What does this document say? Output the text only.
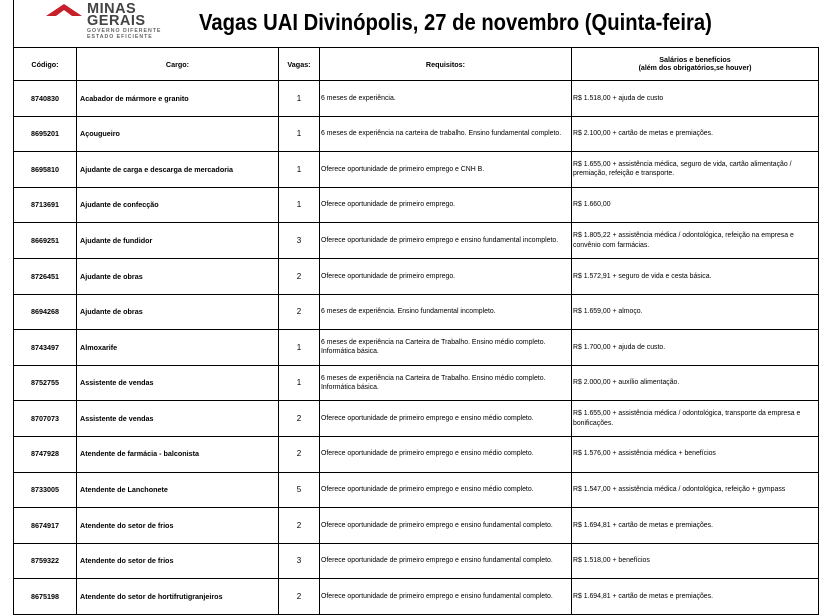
MINAS GERAIS
GOVERNO DIFERENTE
ESTADO EFICIENTE
Vagas UAI Divinópolis, 27 de novembro (Quinta-feira)
Código:	Cargo:	Vagas:	Requisitos:	Salários e benefícios
(além dos obrigatórios,se houver)

8740830	Acabador de mármore e granito	1	6 meses de experiência.	R$ 1.518,00 + ajuda de custo
8695201	Açougueiro	1	6 meses de experiência na carteira de trabalho. Ensino fundamental completo.	R$ 2.100,00 + cartão de metas e premiações.
8695810	Ajudante de carga e descarga de mercadoria	1	Oferece oportunidade de primeiro emprego e CNH B.	R$ 1.655,00 + assistência médica, seguro de vida, cartão alimentação / premiação, refeição e transporte.
8713691	Ajudante de confecção	1	Oferece oportunidade de primeiro emprego.	R$ 1.660,00
8669251	Ajudante de fundidor	3	Oferece oportunidade de primeiro emprego e ensino fundamental incompleto.	R$ 1.805,22 + assistência médica / odontológica, refeição na empresa e convênio com farmácias.
8726451	Ajudante de obras	2	Oferece oportunidade de primeiro emprego.	R$ 1.572,91 + seguro de vida e cesta básica.
8694268	Ajudante de obras	2	6 meses de experiência. Ensino fundamental incompleto.	R$ 1.659,00 + almoço.
8743497	Almoxarife	1	6 meses de experiência na Carteira de Trabalho. Ensino médio completo. Informática básica.	R$ 1.700,00 + ajuda de custo.
8752755	Assistente de vendas	1	6 meses de experiência na Carteira de Trabalho. Ensino médio completo. Informática básica.	R$ 2.000,00 + auxílio alimentação.
8707073	Assistente de vendas	2	Oferece oportunidade de primeiro emprego e ensino médio completo.	R$ 1.655,00 + assistência médica / odontológica, transporte da empresa e bonificações.
8747928	Atendente de farmácia - balconista	2	Oferece oportunidade de primeiro emprego e ensino médio completo.	R$ 1.576,00 + assistência médica + benefícios
8733005	Atendente de Lanchonete	5	Oferece oportunidade de primeiro emprego e ensino médio completo.	R$ 1.547,00 + assistência médica / odontológica, refeição + gympass
8674917	Atendente do setor de frios	2	Oferece oportunidade de primeiro emprego e ensino fundamental completo.	R$ 1.694,81 + cartão de metas e premiações.
8759322	Atendente do setor de frios	3	Oferece oportunidade de primeiro emprego e ensino fundamental completo.	R$ 1.518,00 + benefícios
8675198	Atendente do setor de hortifrutigranjeiros	2	Oferece oportunidade de primeiro emprego e ensino fundamental completo.	R$ 1.694,81 + cartão de metas e premiações.
